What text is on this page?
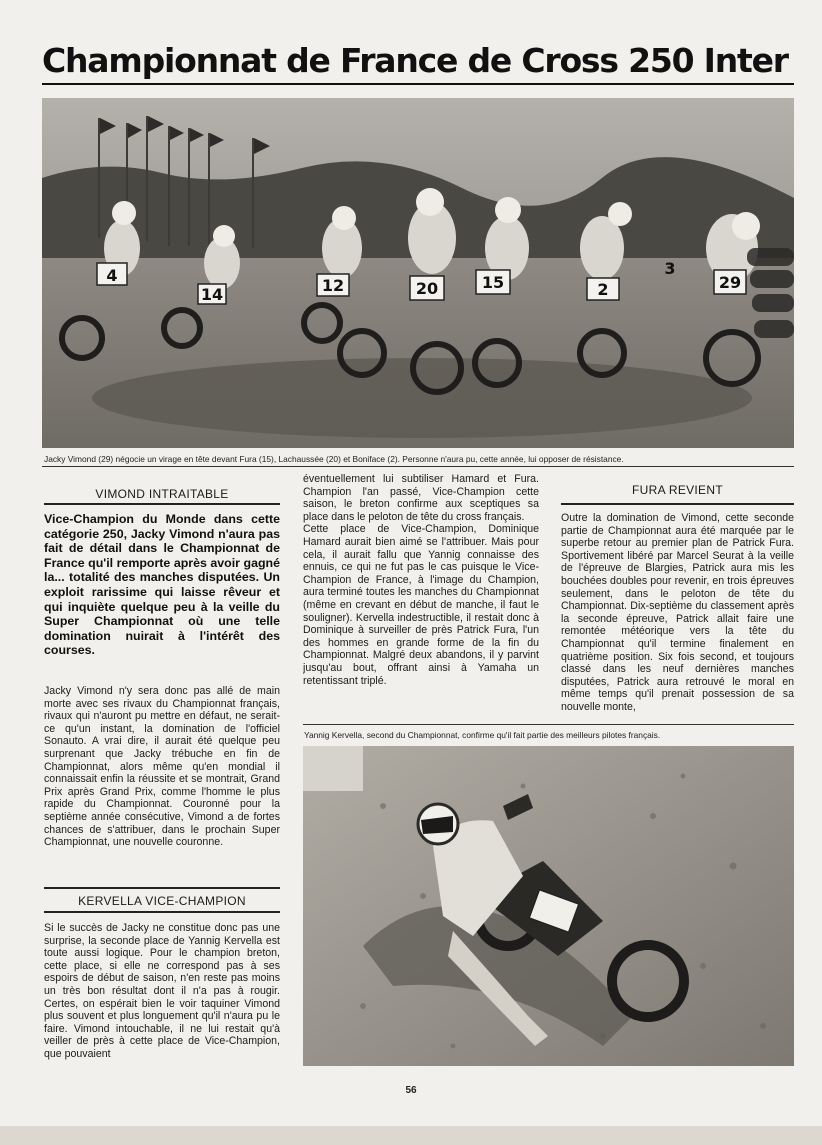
Championnat de France de Cross 250 Inter
4
14	12	20	15	2	29
3
Jacky Vimond (29) négocie un virage en tête devant Fura (15), Lachaussée (20) et Boniface (2). Personne n'aura pu, cette année, lui opposer de résistance.
VIMOND INTRAITABLE
Vice-Champion du Monde dans cette catégorie 250, Jacky Vimond n'aura pas fait de détail dans le Championnat de France qu'il remporte après avoir gagné la... totalité des manches disputées. Un exploit rarissime qui laisse rêveur et qui inquiète quelque peu à la veille du Super Championnat où une telle domination nuirait à l'intérêt des courses.
Jacky Vimond n'y sera donc pas allé de main morte avec ses rivaux du Championnat français, rivaux qui n'auront pu mettre en défaut, ne serait-ce qu'un instant, la domination de l'officiel Sonauto. A vrai dire, il aurait été quelque peu surprenant que Jacky trébuche en fin de Championnat, alors même qu'en mondial il connaissait enfin la réussite et se montrait, Grand Prix après Grand Prix, comme l'homme le plus rapide du Championnat. Couronné pour la septième année consécutive, Vimond a de fortes chances de s'attribuer, dans le prochain Super Championnat, une nouvelle couronne.
KERVELLA VICE-CHAMPION
Si le succès de Jacky ne constitue donc pas une surprise, la seconde place de Yannig Kervella est toute aussi logique. Pour le champion breton, cette place, si elle ne correspond pas à ses espoirs de début de saison, n'en reste pas moins un très bon résultat dont il n'a pas à rougir. Certes, on espérait bien le voir taquiner Vimond plus souvent et plus longuement qu'il n'aura pu le faire. Vimond intouchable, il ne lui restait qu'à veiller de près à cette place de Vice-Champion, que pouvaient

éventuellement lui subtiliser Hamard et Fura. Champion l'an passé, Vice-Champion cette saison, le breton confirme aux sceptiques sa place dans le peloton de tête du cross français.

Cette place de Vice-Champion, Dominique Hamard aurait bien aimé se l'attribuer. Mais pour cela, il aurait fallu que Yannig connaisse des ennuis, ce qui ne fut pas le cas puisque le Vice-Champion de France, à l'image du Champion, aura terminé toutes les manches du Championnat (même en crevant en début de manche, il faut le souligner). Kervella indestructible, il restait donc à Dominique à surveiller de près Patrick Fura, l'un des hommes en grande forme de la fin du Championnat. Malgré deux abandons, il y parvint jusqu'au bout, offrant ainsi à Yamaha un retentissant triplé.

FURA REVIENT
Outre la domination de Vimond, cette seconde partie de Championnat aura été marquée par le superbe retour au premier plan de Patrick Fura. Sportivement libéré par Marcel Seurat à la veille de l'épreuve de Blargies, Patrick aura mis les bouchées doubles pour revenir, en trois épreuves seulement, dans le peloton de tête du Championnat. Dix-septième du classement après la seconde épreuve, Patrick allait faire une remontée météorique vers la tête du Championnat qu'il termine finalement en quatrième position. Six fois second, et toujours classé dans les neuf dernières manches disputées, Patrick aura retrouvé le moral en même temps qu'il prenait possession de sa nouvelle monte,
Yannig Kervella, second du Championnat, confirme qu'il fait partie des meilleurs pilotes français.
56
